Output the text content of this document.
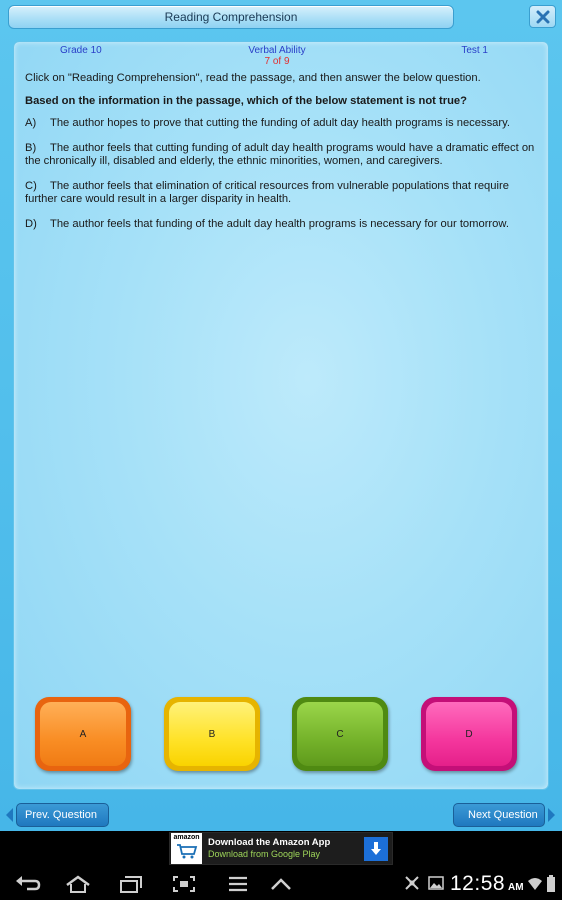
Reading Comprehension
Grade 10	Verbal Ability	Test 1
7 of 9

Click on "Reading Comprehension", read the passage, and then answer the below question.

Based on the information in the passage, which of the below statement is not true?

A) The author hopes to prove that cutting the funding of adult day health programs is necessary.

B) The author feels that cutting funding of adult day health programs would have a dramatic effect on the chronically ill, disabled and elderly, the ethnic minorities, women, and caregivers.

C) The author feels that elimination of critical resources from vulnerable populations that require further care would result in a larger disparity in health.

D) The author feels that funding of the adult day health programs is necessary for our tomorrow.

A	B	C	D
Prev. Question	Next Question
amazon Download the Amazon App
Download from Google Play
12:58 AM
